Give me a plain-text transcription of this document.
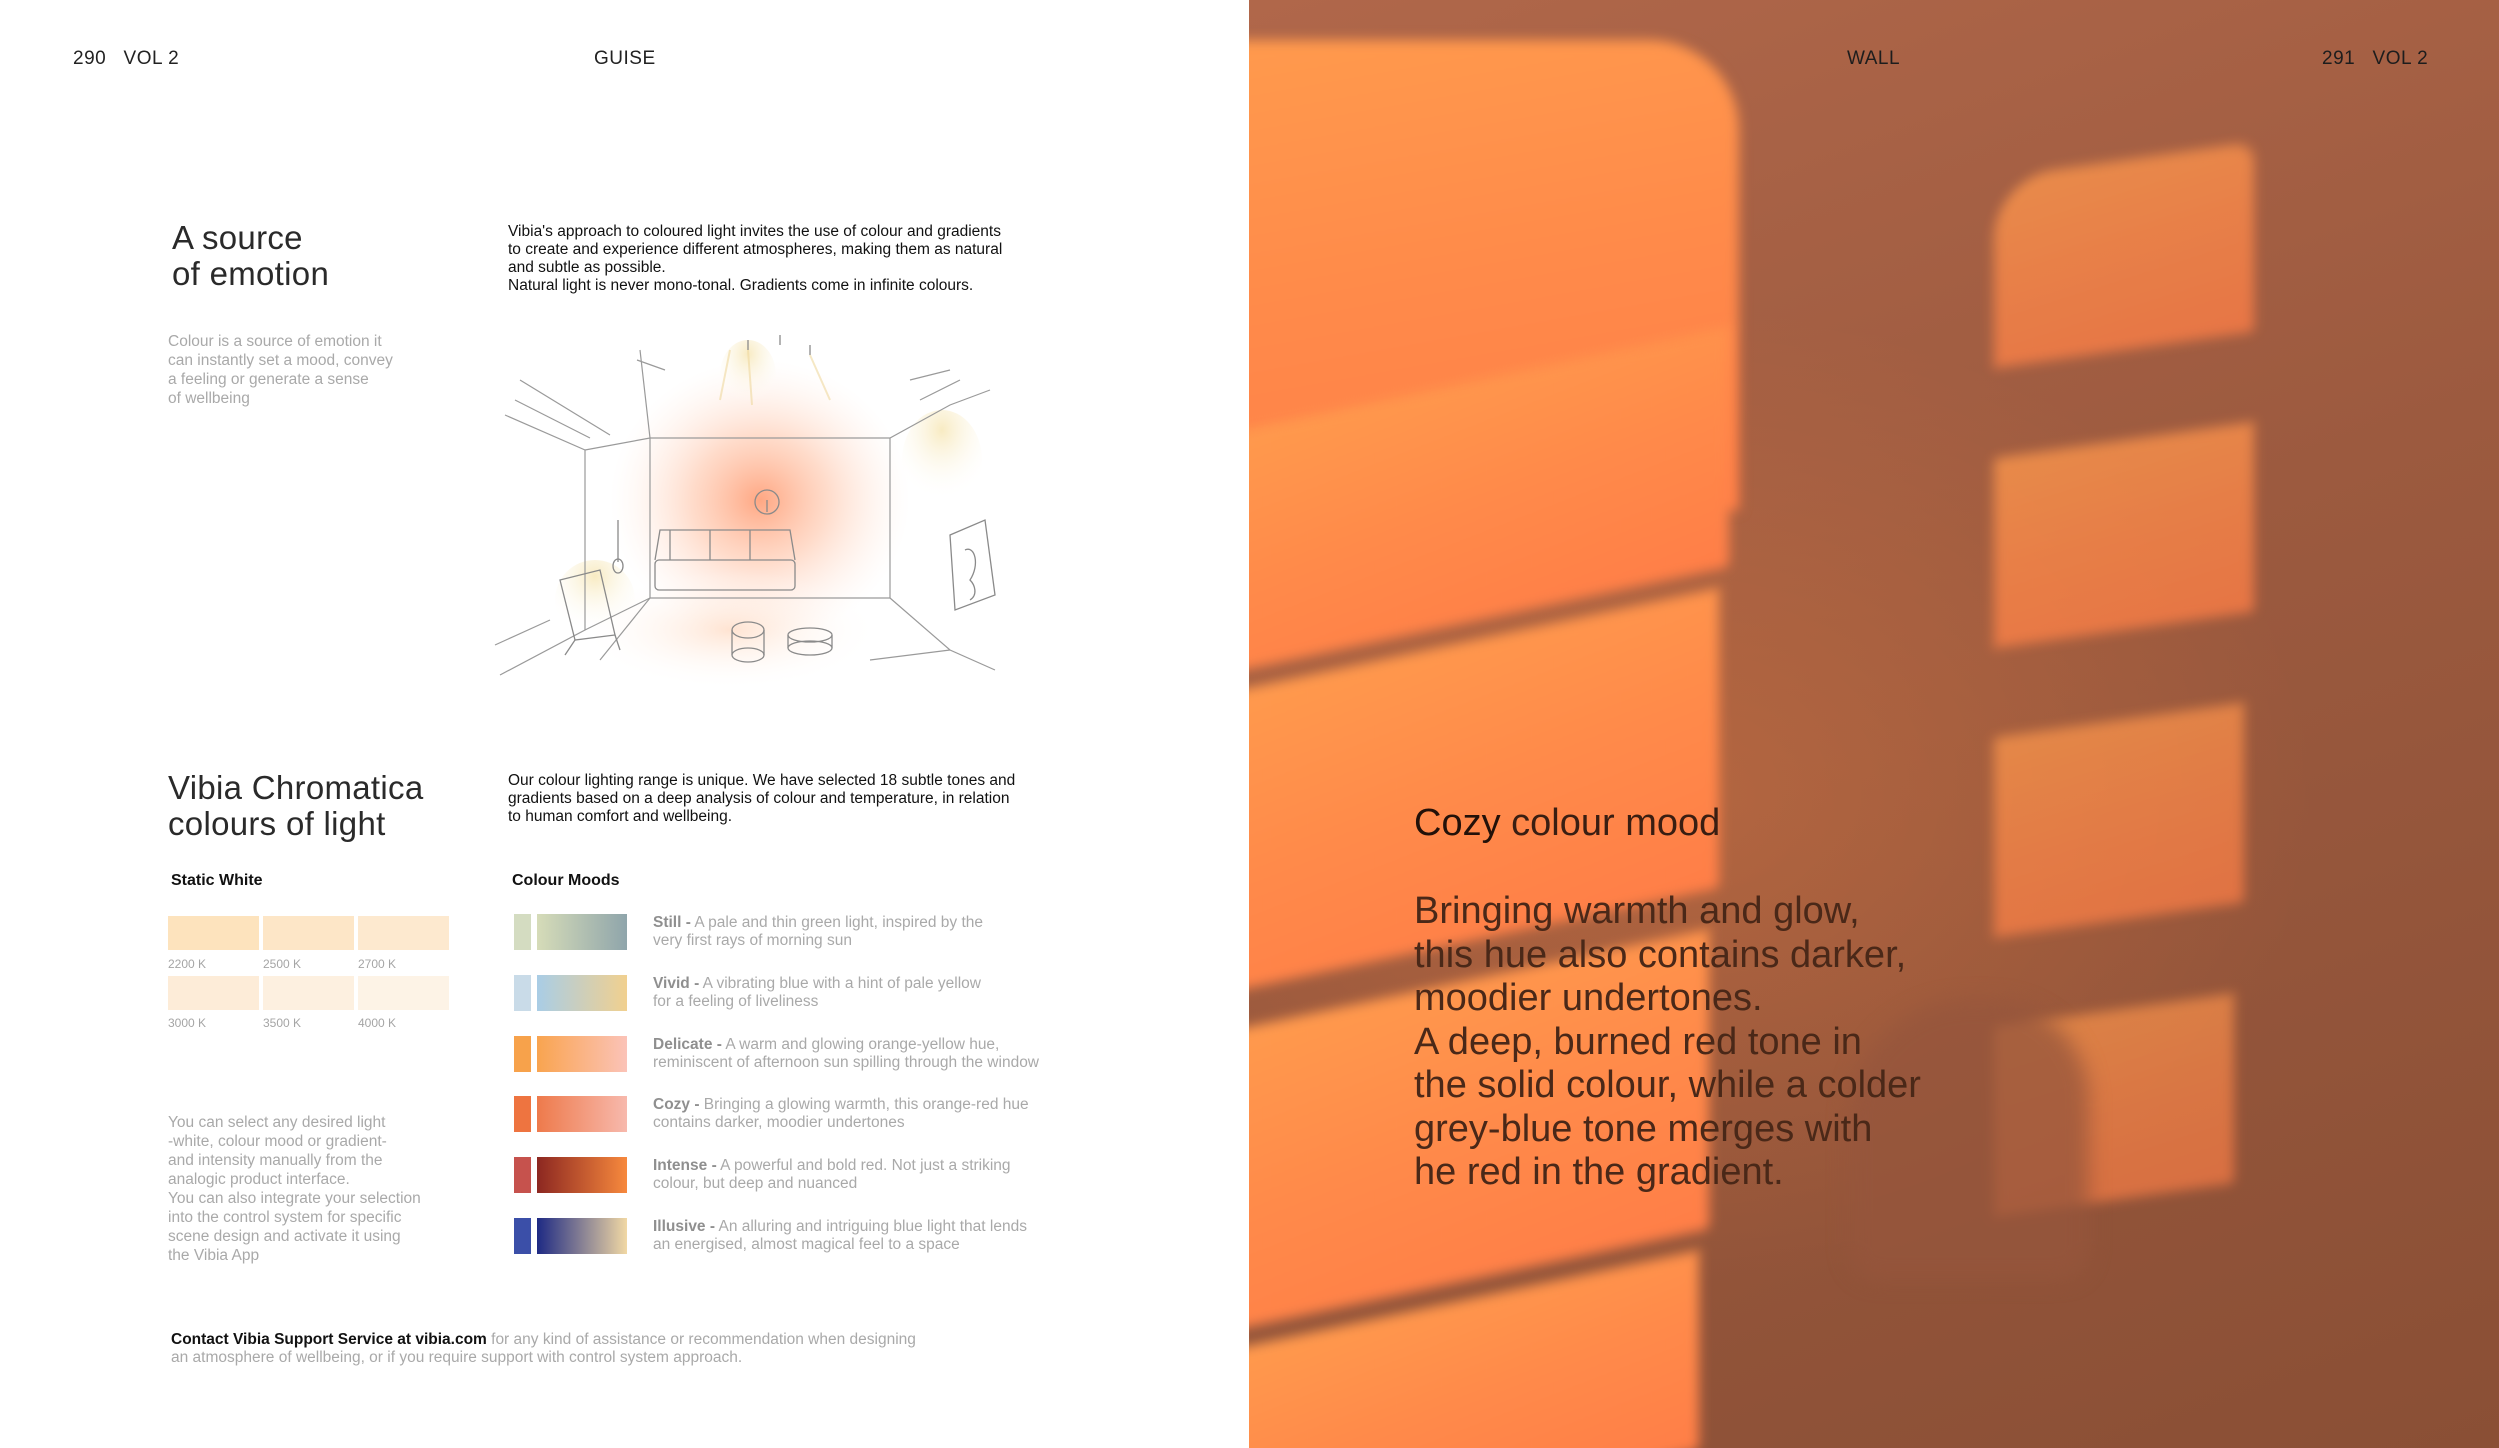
290 VOL 2	GUISE
A source
of emotion
Colour is a source of emotion it
can instantly set a mood, convey
a feeling or generate a sense
of wellbeing
Vibia's approach to coloured light invites the use of colour and gradients
to create and experience different atmospheres, making them as natural
and subtle as possible.
Natural light is never mono-tonal. Gradients come in infinite colours.
Vibia Chromatica
colours of light
Our colour lighting range is unique. We have selected 18 subtle tones and
gradients based on a deep analysis of colour and temperature, in relation
to human comfort and wellbeing.
Static White
2200 K	2500 K	2700 K
3000 K	3500 K	4000 K
Colour Moods
Still - A pale and thin green light, inspired by the
very first rays of morning sun
Vivid - A vibrating blue with a hint of pale yellow
for a feeling of liveliness
Delicate - A warm and glowing orange-yellow hue,
reminiscent of afternoon sun spilling through the window
Cozy - Bringing a glowing warmth, this orange-red hue
contains darker, moodier undertones
Intense - A powerful and bold red. Not just a striking
colour, but deep and nuanced
Illusive - An alluring and intriguing blue light that lends
an energised, almost magical feel to a space
You can select any desired light
-white, colour mood or gradient-
and intensity manually from the
analogic product interface.
You can also integrate your selection
into the control system for specific
scene design and activate it using
the Vibia App
Contact Vibia Support Service at vibia.com for any kind of assistance or recommendation when designing
an atmosphere of wellbeing, or if you require support with control system approach.
WALL	291 VOL 2
Cozy colour mood
Bringing warmth and glow,
this hue also contains darker,
moodier undertones.
A deep, burned red tone in
the solid colour, while a colder
grey-blue tone merges with
he red in the gradient.
